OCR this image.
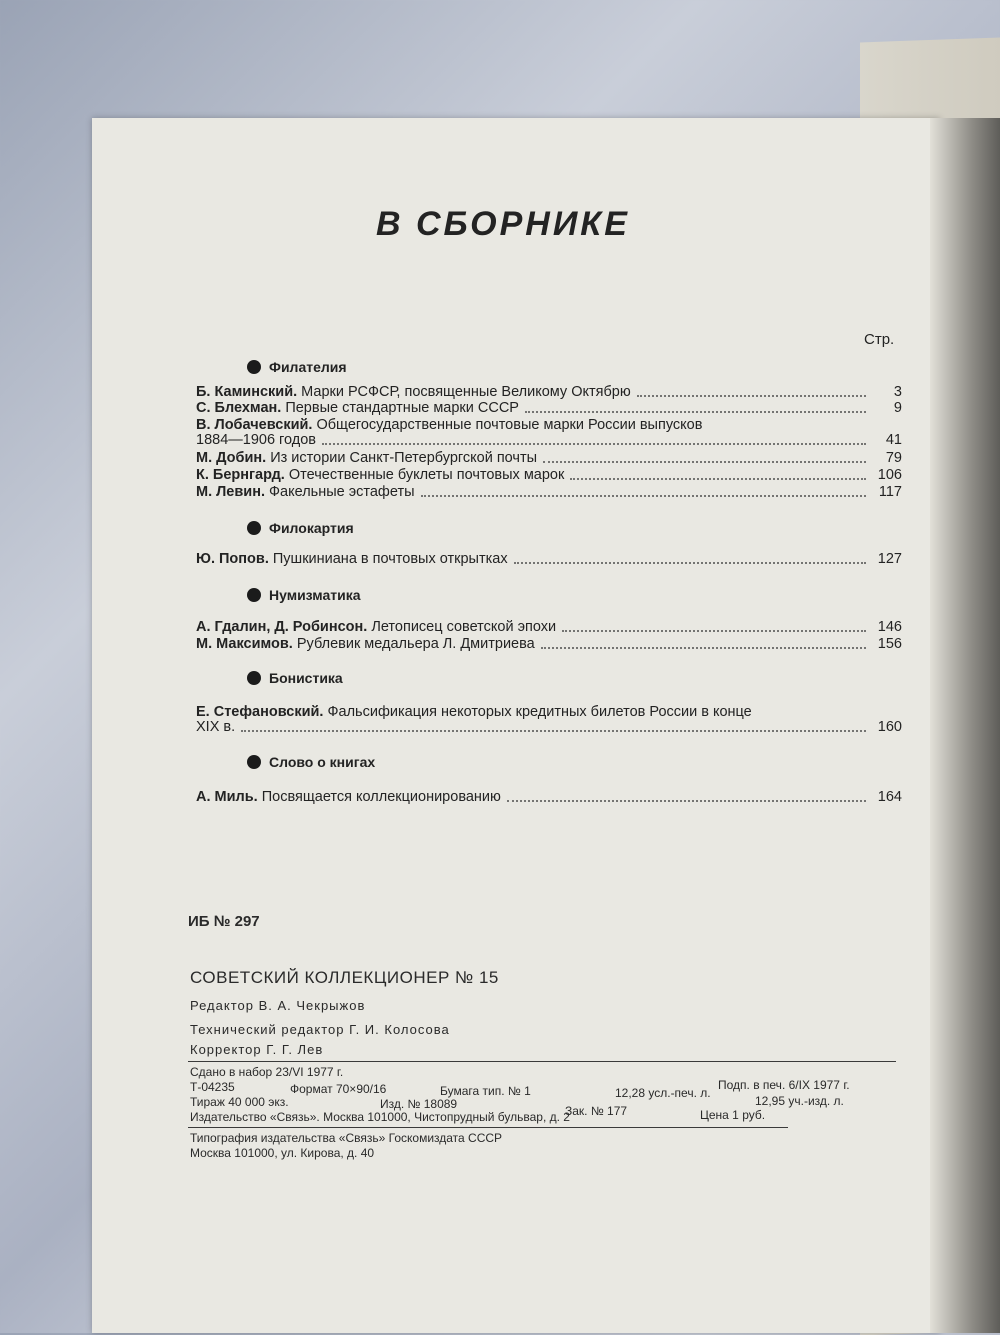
В СБОРНИКЕ
Стр.
Филателия
Б. Каминский. Марки РСФСР, посвященные Великому Октябрю	3
С. Блехман. Первые стандартные марки СССР	9
В. Лобачевский. Общегосударственные почтовые марки России выпусков
1884—1906 годов	41
М. Добин. Из истории Санкт-Петербургской почты	79
К. Бернгард. Отечественные буклеты почтовых марок	106
М. Левин. Факельные эстафеты	117
Филокартия
Ю. Попов. Пушкиниана в почтовых открытках	127
Нумизматика
А. Гдалин, Д. Робинсон. Летописец советской эпохи	146
М. Максимов. Рублевик медальера Л. Дмитриева	156
Бонистика
Е. Стефановский. Фальсификация некоторых кредитных билетов России в конце
XIX в.	160
Слово о книгах
А. Миль. Посвящается коллекционированию	164
ИБ № 297
СОВЕТСКИЙ КОЛЛЕКЦИОНЕР № 15
Редактор В. А. Чекрыжов
Технический редактор Г. И. Колосова
Корректор Г. Г. Лев
Сдано в набор 23/VI 1977 г.
Подп. в печ. 6/IX 1977 г.
Т-04235	Формат 70×90/16	Бумага тип. № 1	12,28 усл.-печ. л.
Тираж 40 000 экз.	Изд. № 18089	12,95 уч.-изд. л.
Издательство «Связь». Москва 101000, Чистопрудный бульвар, д. 2
Зак. № 177	Цена 1 руб.
Типография издательства «Связь» Госкомиздата СССР
Москва 101000, ул. Кирова, д. 40
